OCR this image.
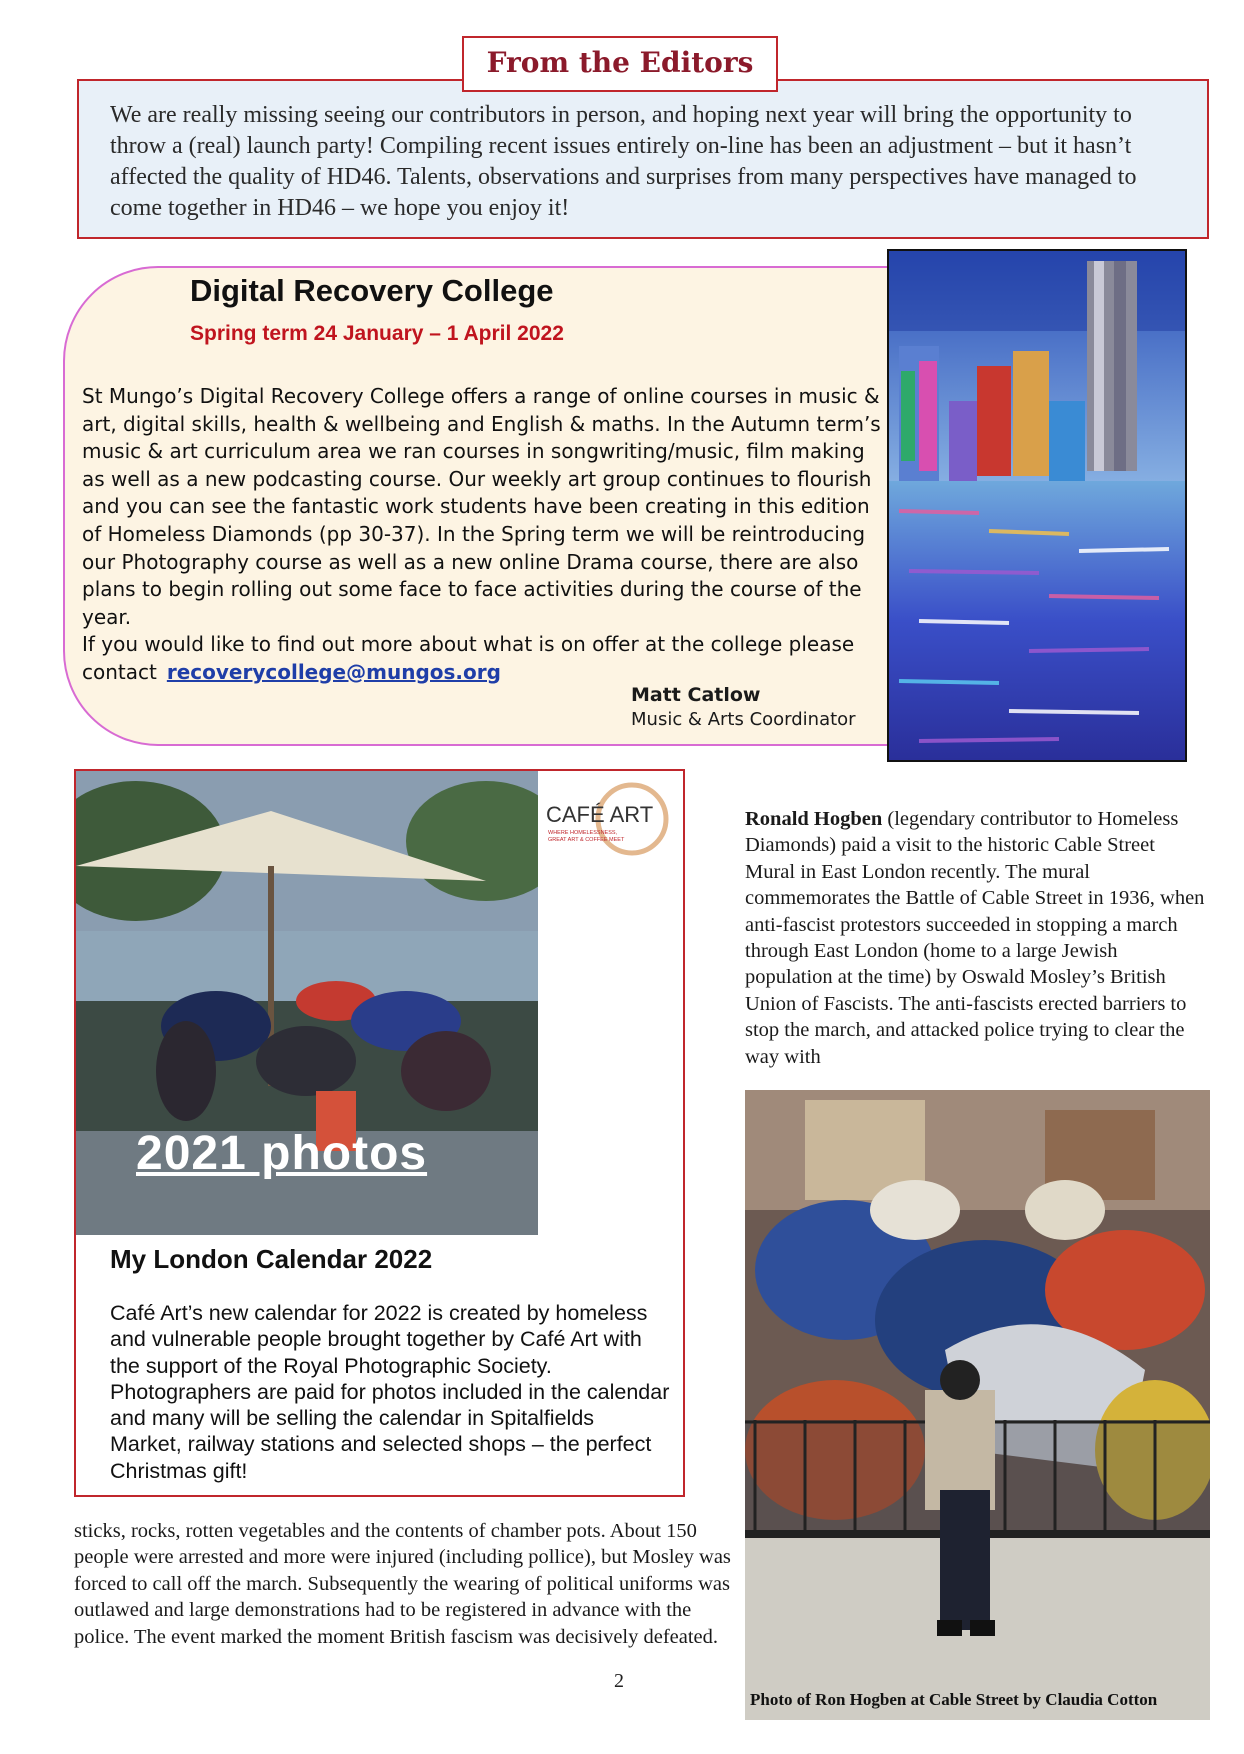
From the Editors
We are really missing seeing our contributors in person, and hoping next year will bring the opportunity to throw a (real) launch party! Compiling recent issues entirely on-line has been an adjustment – but it hasn’t affected the quality of HD46. Talents, observations and surprises from many perspectives have managed to come together in HD46 – we hope you enjoy it!
Digital Recovery College
Spring term 24 January – 1 April 2022

St Mungo’s Digital Recovery College offers a range of online courses in music & art, digital skills, health & wellbeing and English & maths. In the Autumn term’s music & art curriculum area we ran courses in songwriting/music, film making as well as a new podcasting course. Our weekly art group continues to flourish and you can see the fantastic work students have been creating in this edition of Homeless Diamonds (pp 30-37). In the Spring term we will be reintroducing our Photography course as well as a new online Drama course, there are also plans to begin rolling out some face to face activities during the course of the year.

If you would like to find out more about what is on offer at the college please contact recoverycollege@mungos.org

Matt Catlow
Music & Arts Coordinator
2021 photos
CAFÉ ART
WHERE HOMELESSNESS,
GREAT ART & COFFEE MEET
My London Calendar 2022
Café Art’s new calendar for 2022 is created by homeless and vulnerable people brought together by Café Art with the support of the Royal Photographic Society. Photographers are paid for photos included in the calendar and many will be selling the calendar in Spitalfields Market, railway stations and selected shops – the perfect Christmas gift!
Ronald Hogben (legendary contributor to Homeless Diamonds) paid a visit to the historic Cable Street Mural in East London recently. The mural commemorates the Battle of Cable Street in 1936, when anti-fascist protestors succeeded in stopping a march through East London (home to a large Jewish population at the time) by Oswald Mosley’s British Union of Fascists. The anti-fascists erected barriers to stop the march, and attacked police trying to clear the way with
sticks, rocks, rotten vegetables and the contents of chamber pots. About 150 people were arrested and more were injured (including pollice), but Mosley was forced to call off the march. Subsequently the wearing of political uniforms was outlawed and large demonstrations had to be registered in advance with the police. The event marked the moment British fascism was decisively defeated.
Photo of Ron Hogben at Cable Street by Claudia Cotton
2
